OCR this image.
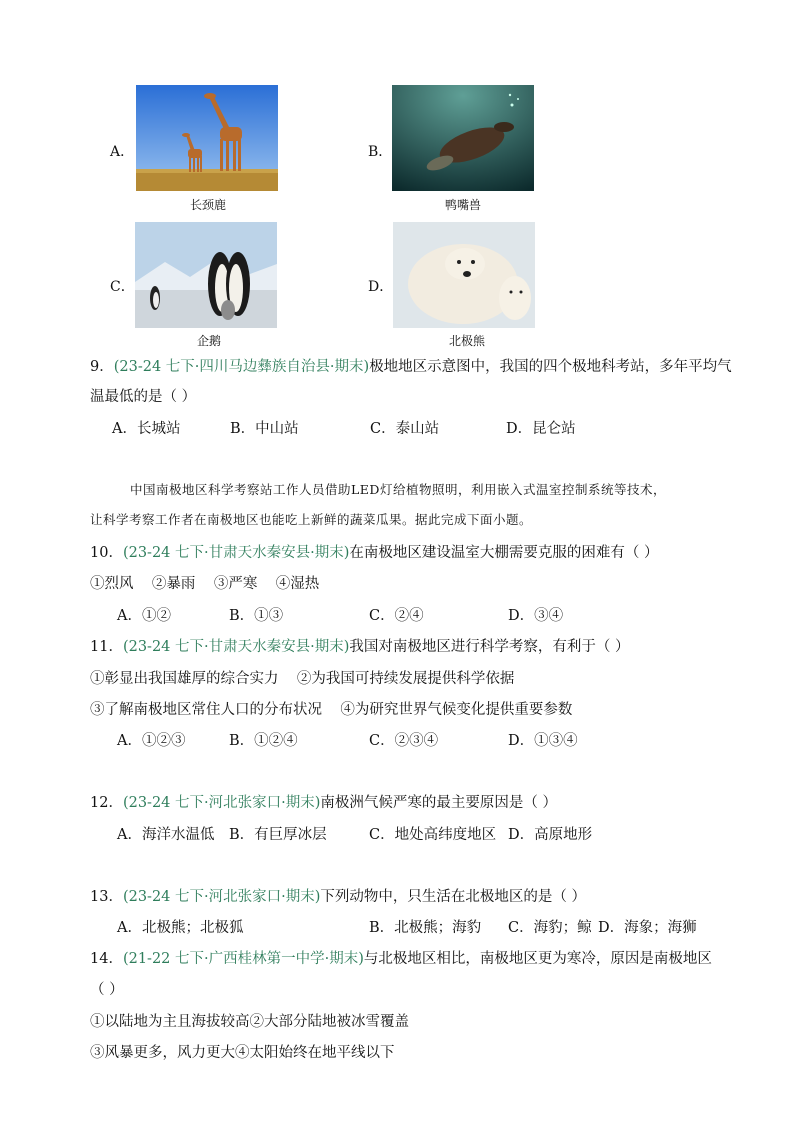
A．
长颈鹿
B．
鸭嘴兽
C．
企鹅
D．
北极熊
9．(23-24 七下·四川马边彝族自治县·期末)极地地区示意图中，我国的四个极地科考站，多年平均气
温最低的是（ ）
A．长城站	B．中山站	C．泰山站	D．昆仑站
中国南极地区科学考察站工作人员借助LED灯给植物照明，利用嵌入式温室控制系统等技术，
让科学考察工作者在南极地区也能吃上新鲜的蔬菜瓜果。据此完成下面小题。
10．(23-24 七下·甘肃天水秦安县·期末)在南极地区建设温室大棚需要克服的困难有（ ）
①烈风    ②暴雨    ③严寒    ④湿热
A．①②	B．①③	C．②④	D．③④
11．(23-24 七下·甘肃天水秦安县·期末)我国对南极地区进行科学考察，有利于（ ）
①彰显出我国雄厚的综合实力    ②为我国可持续发展提供科学依据
③了解南极地区常住人口的分布状况    ④为研究世界气候变化提供重要参数
A．①②③	B．①②④	C．②③④	D．①③④
12．(23-24 七下·河北张家口·期末)南极洲气候严寒的最主要原因是（ ）
A．海洋水温低 B．有巨厚冰层	C．地处高纬度地区 D．高原地形
13．(23-24 七下·河北张家口·期末)下列动物中，只生活在北极地区的是（ ）
A．北极熊；北极狐	B．北极熊；海豹 C．海豹；鲸 D．海象；海狮
14．(21-22 七下·广西桂林第一中学·期末)与北极地区相比，南极地区更为寒冷，原因是南极地区
（ ）
①以陆地为主且海拔较高②大部分陆地被冰雪覆盖
③风暴更多，风力更大④太阳始终在地平线以下
